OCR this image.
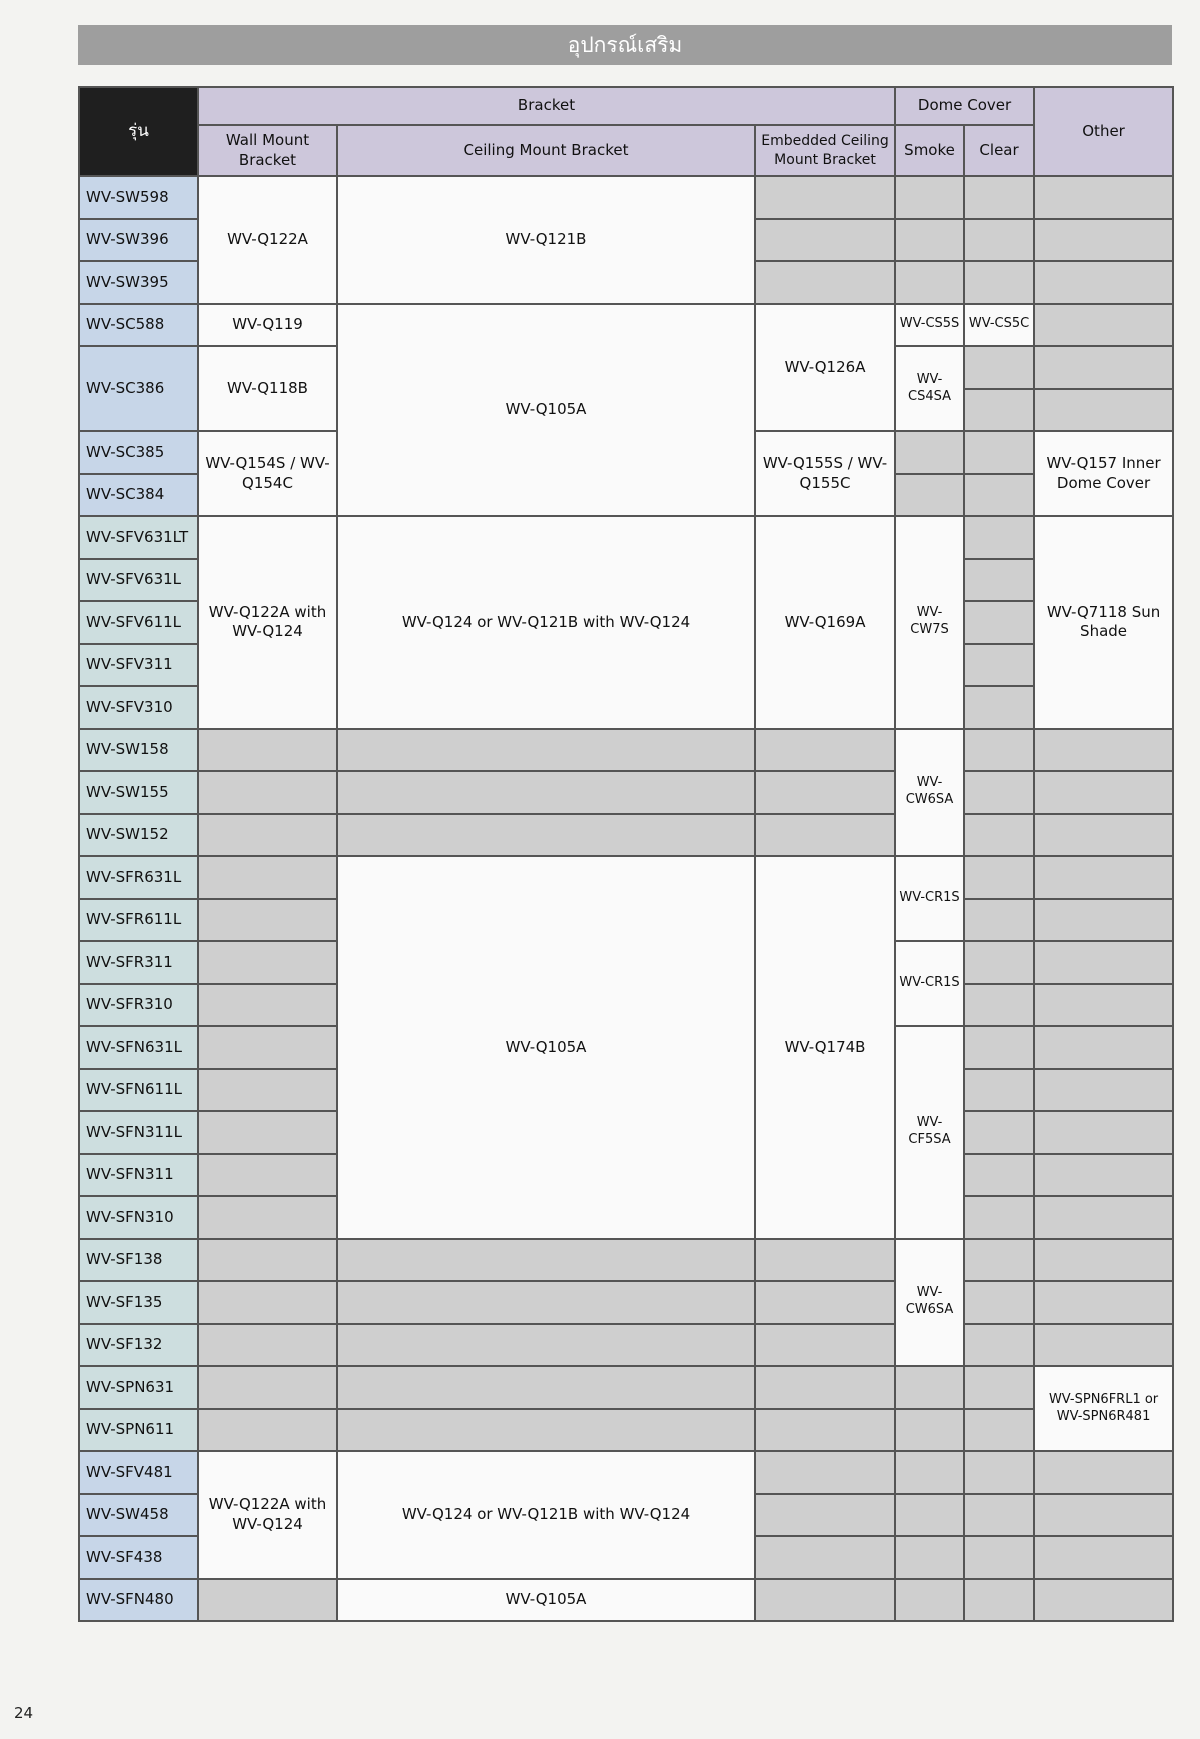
อุปกรณ์เสริม
รุ่น	Bracket			Dome Cover		Other
	Wall Mount Bracket	Ceiling Mount Bracket	Embedded Ceiling Mount Bracket	Smoke	Clear	
WV-SW598	WV-Q122A	WV-Q121B				
WV-SW396						
WV-SW395						
WV-SC588	WV-Q119	WV-Q105A	WV-Q126A	WV-CS5S	WV-CS5C	
WV-SC386	WV-Q118B			WV-CS4SA		

WV-SC385	WV-Q154S / WV-Q154C		WV-Q155S / WV-Q155C			WV-Q157 Inner Dome Cover
WV-SC384						
WV-SFV631LT	WV-Q122A with WV-Q124	WV-Q124 or WV-Q121B with WV-Q124	WV-Q169A	WV-CW7S		WV-Q7118 Sun Shade
WV-SFV631L						
WV-SFV611L						
WV-SFV311						
WV-SFV310						
WV-SW158				WV-CW6SA		
WV-SW155						
WV-SW152						
WV-SFR631L		WV-Q105A	WV-Q174B	WV-CR1S		
WV-SFR611L						
WV-SFR311				WV-CR1S		
WV-SFR310						
WV-SFN631L				WV-CF5SA		
WV-SFN611L						
WV-SFN311L						
WV-SFN311						
WV-SFN310						
WV-SF138				WV-CW6SA		
WV-SF135						
WV-SF132						
WV-SPN631						WV-SPN6FRL1 or WV-SPN6R481
WV-SPN611						
WV-SFV481	WV-Q122A with WV-Q124	WV-Q124 or WV-Q121B with WV-Q124				
WV-SW458						
WV-SF438						
WV-SFN480		WV-Q105A				
24
